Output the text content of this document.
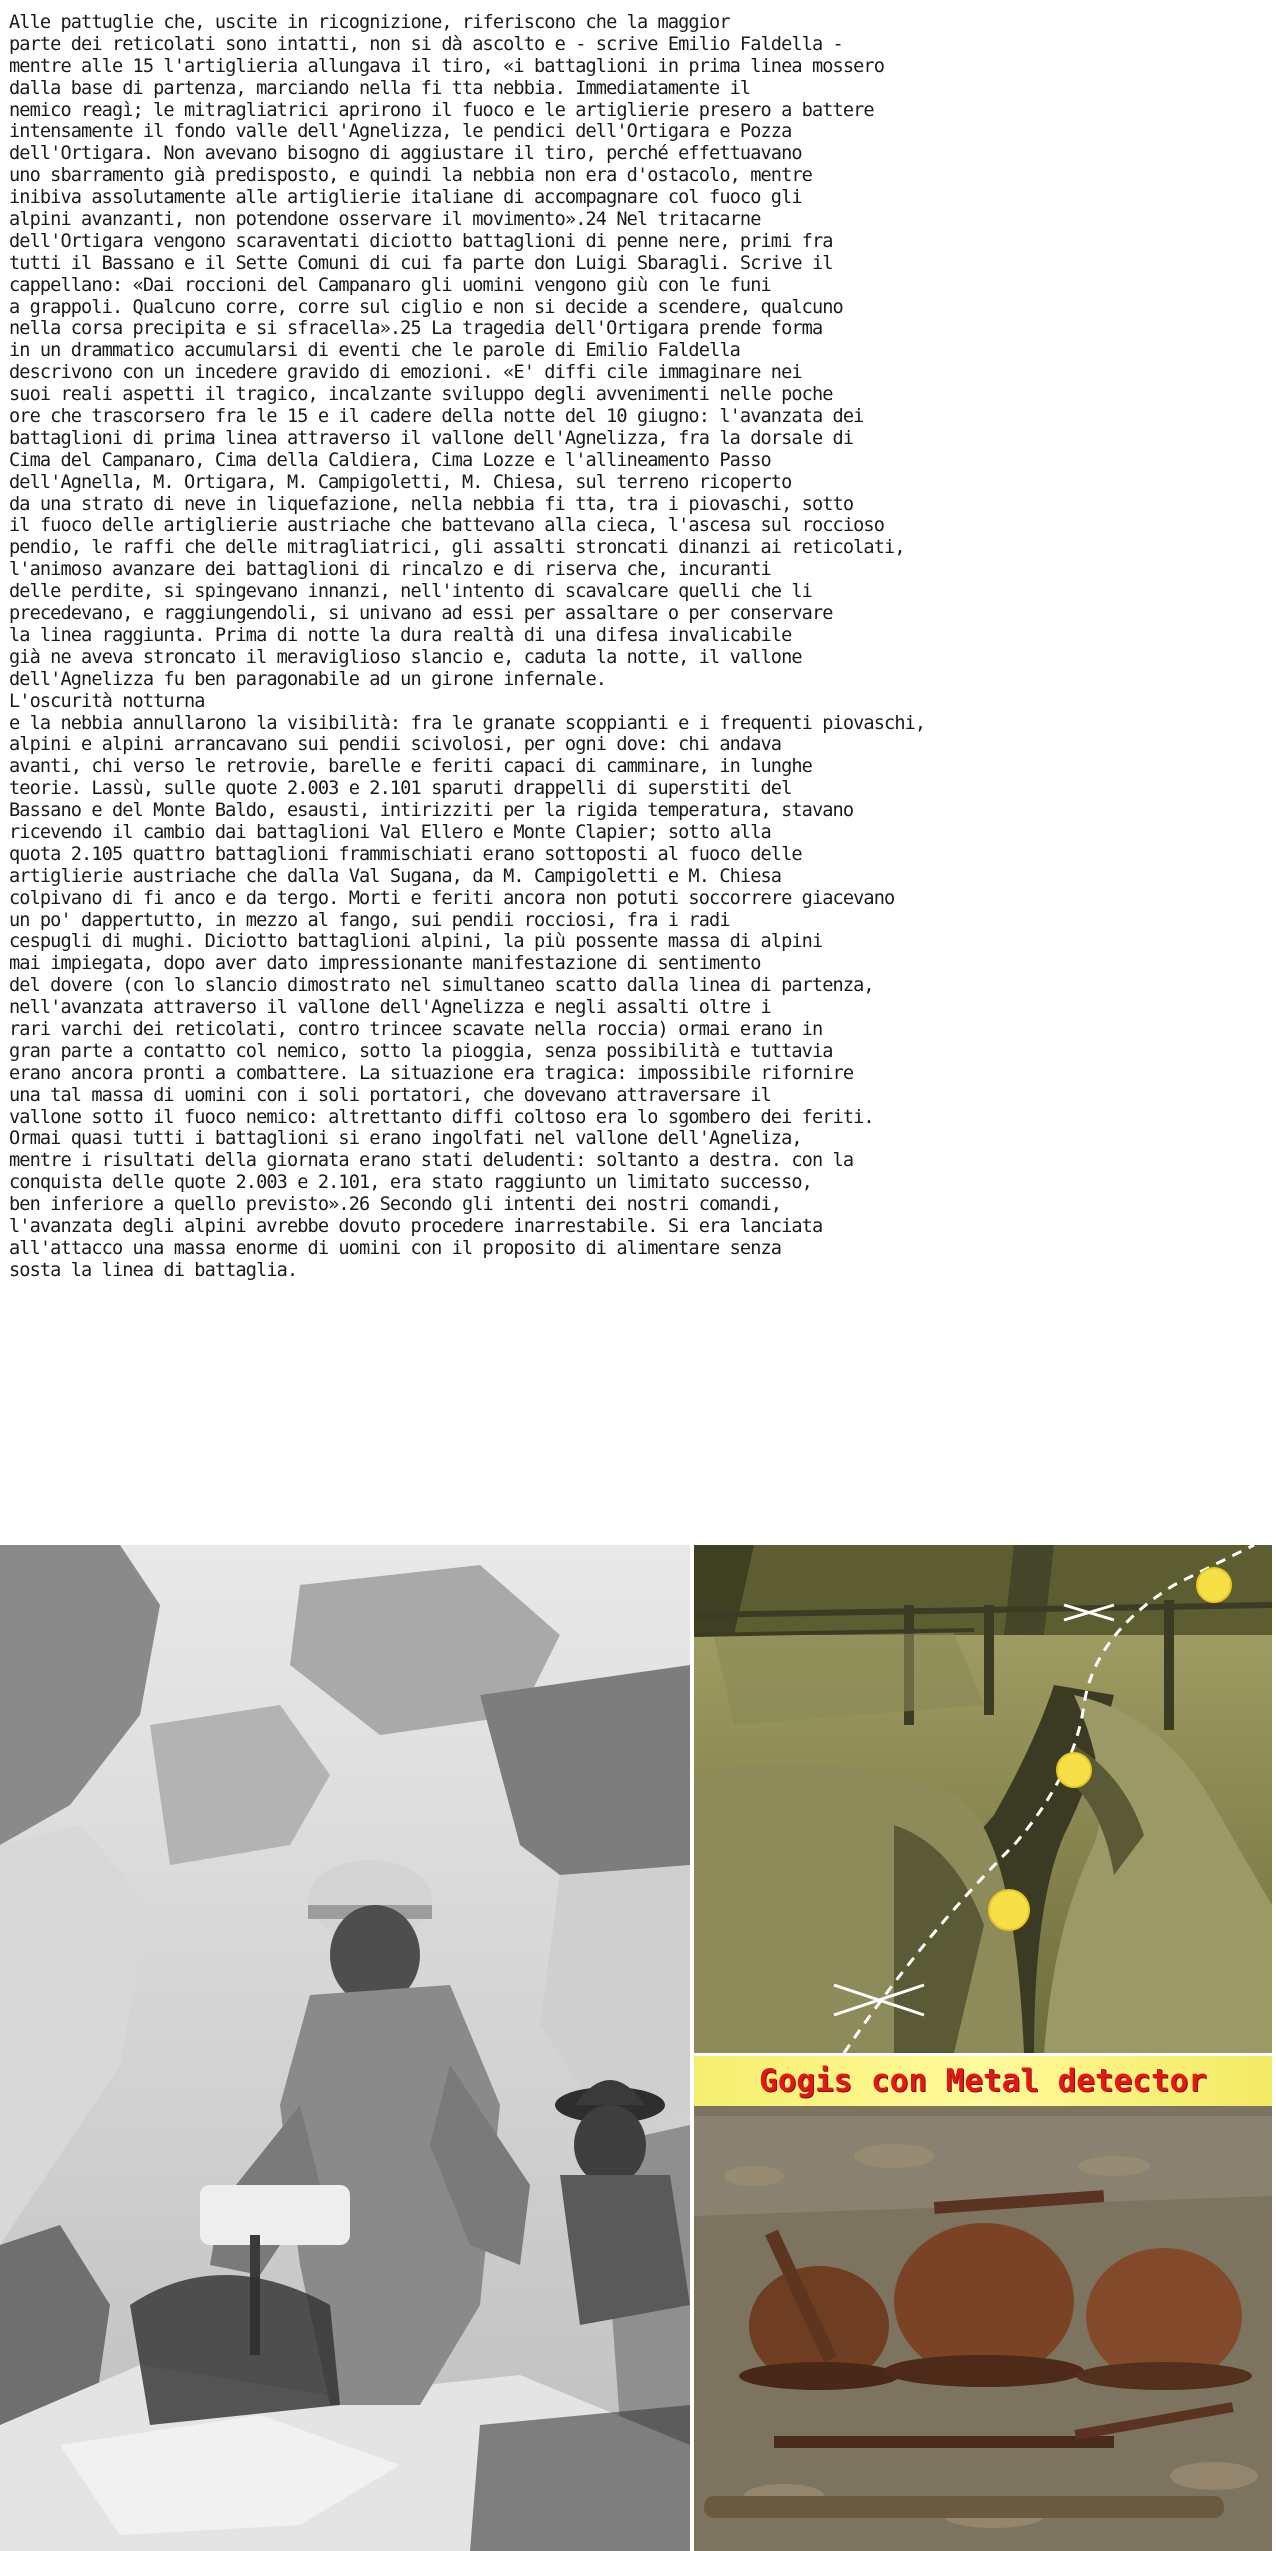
Alle pattuglie che, uscite in ricognizione, riferiscono che la maggior
parte dei reticolati sono intatti, non si dà ascolto e - scrive Emilio Faldella -
mentre alle 15 l'artiglieria allungava il tiro, «i battaglioni in prima linea mossero
dalla base di partenza, marciando nella fi tta nebbia. Immediatamente il
nemico reagì; le mitragliatrici aprirono il fuoco e le artiglierie presero a battere
intensamente il fondo valle dell'Agnelizza, le pendici dell'Ortigara e Pozza
dell'Ortigara. Non avevano bisogno di aggiustare il tiro, perché effettuavano
uno sbarramento già predisposto, e quindi la nebbia non era d'ostacolo, mentre
inibiva assolutamente alle artiglierie italiane di accompagnare col fuoco gli
alpini avanzanti, non potendone osservare il movimento».24 Nel tritacarne
dell'Ortigara vengono scaraventati diciotto battaglioni di penne nere, primi fra
tutti il Bassano e il Sette Comuni di cui fa parte don Luigi Sbaragli. Scrive il
cappellano: «Dai roccioni del Campanaro gli uomini vengono giù con le funi
a grappoli. Qualcuno corre, corre sul ciglio e non si decide a scendere, qualcuno
nella corsa precipita e si sfracella».25 La tragedia dell'Ortigara prende forma
in un drammatico accumularsi di eventi che le parole di Emilio Faldella
descrivono con un incedere gravido di emozioni. «E' diffi cile immaginare nei
suoi reali aspetti il tragico, incalzante sviluppo degli avvenimenti nelle poche
ore che trascorsero fra le 15 e il cadere della notte del 10 giugno: l'avanzata dei
battaglioni di prima linea attraverso il vallone dell'Agnelizza, fra la dorsale di
Cima del Campanaro, Cima della Caldiera, Cima Lozze e l'allineamento Passo
dell'Agnella, M. Ortigara, M. Campigoletti, M. Chiesa, sul terreno ricoperto
da una strato di neve in liquefazione, nella nebbia fi tta, tra i piovaschi, sotto
il fuoco delle artiglierie austriache che battevano alla cieca, l'ascesa sul roccioso
pendio, le raffi che delle mitragliatrici, gli assalti stroncati dinanzi ai reticolati,
l'animoso avanzare dei battaglioni di rincalzo e di riserva che, incuranti
delle perdite, si spingevano innanzi, nell'intento di scavalcare quelli che li
precedevano, e raggiungendoli, si univano ad essi per assaltare o per conservare
la linea raggiunta. Prima di notte la dura realtà di una difesa invalicabile
già ne aveva stroncato il meraviglioso slancio e, caduta la notte, il vallone
dell'Agnelizza fu ben paragonabile ad un girone infernale.
L'oscurità notturna
e la nebbia annullarono la visibilità: fra le granate scoppianti e i frequenti piovaschi,
alpini e alpini arrancavano sui pendii scivolosi, per ogni dove: chi andava
avanti, chi verso le retrovie, barelle e feriti capaci di camminare, in lunghe
teorie. Lassù, sulle quote 2.003 e 2.101 sparuti drappelli di superstiti del
Bassano e del Monte Baldo, esausti, intirizziti per la rigida temperatura, stavano
ricevendo il cambio dai battaglioni Val Ellero e Monte Clapier; sotto alla
quota 2.105 quattro battaglioni frammischiati erano sottoposti al fuoco delle
artiglierie austriache che dalla Val Sugana, da M. Campigoletti e M. Chiesa
colpivano di fi anco e da tergo. Morti e feriti ancora non potuti soccorrere giacevano
un po' dappertutto, in mezzo al fango, sui pendii rocciosi, fra i radi
cespugli di mughi. Diciotto battaglioni alpini, la più possente massa di alpini
mai impiegata, dopo aver dato impressionante manifestazione di sentimento
del dovere (con lo slancio dimostrato nel simultaneo scatto dalla linea di partenza,
nell'avanzata attraverso il vallone dell'Agnelizza e negli assalti oltre i
rari varchi dei reticolati, contro trincee scavate nella roccia) ormai erano in
gran parte a contatto col nemico, sotto la pioggia, senza possibilità e tuttavia
erano ancora pronti a combattere. La situazione era tragica: impossibile rifornire
una tal massa di uomini con i soli portatori, che dovevano attraversare il
vallone sotto il fuoco nemico: altrettanto diffi coltoso era lo sgombero dei feriti.
Ormai quasi tutti i battaglioni si erano ingolfati nel vallone dell'Agneliza,
mentre i risultati della giornata erano stati deludenti: soltanto a destra. con la
conquista delle quote 2.003 e 2.101, era stato raggiunto un limitato successo,
ben inferiore a quello previsto».26 Secondo gli intenti dei nostri comandi,
l'avanzata degli alpini avrebbe dovuto procedere inarrestabile. Si era lanciata
all'attacco una massa enorme di uomini con il proposito di alimentare senza
sosta la linea di battaglia.
Gogis con Metal detector
